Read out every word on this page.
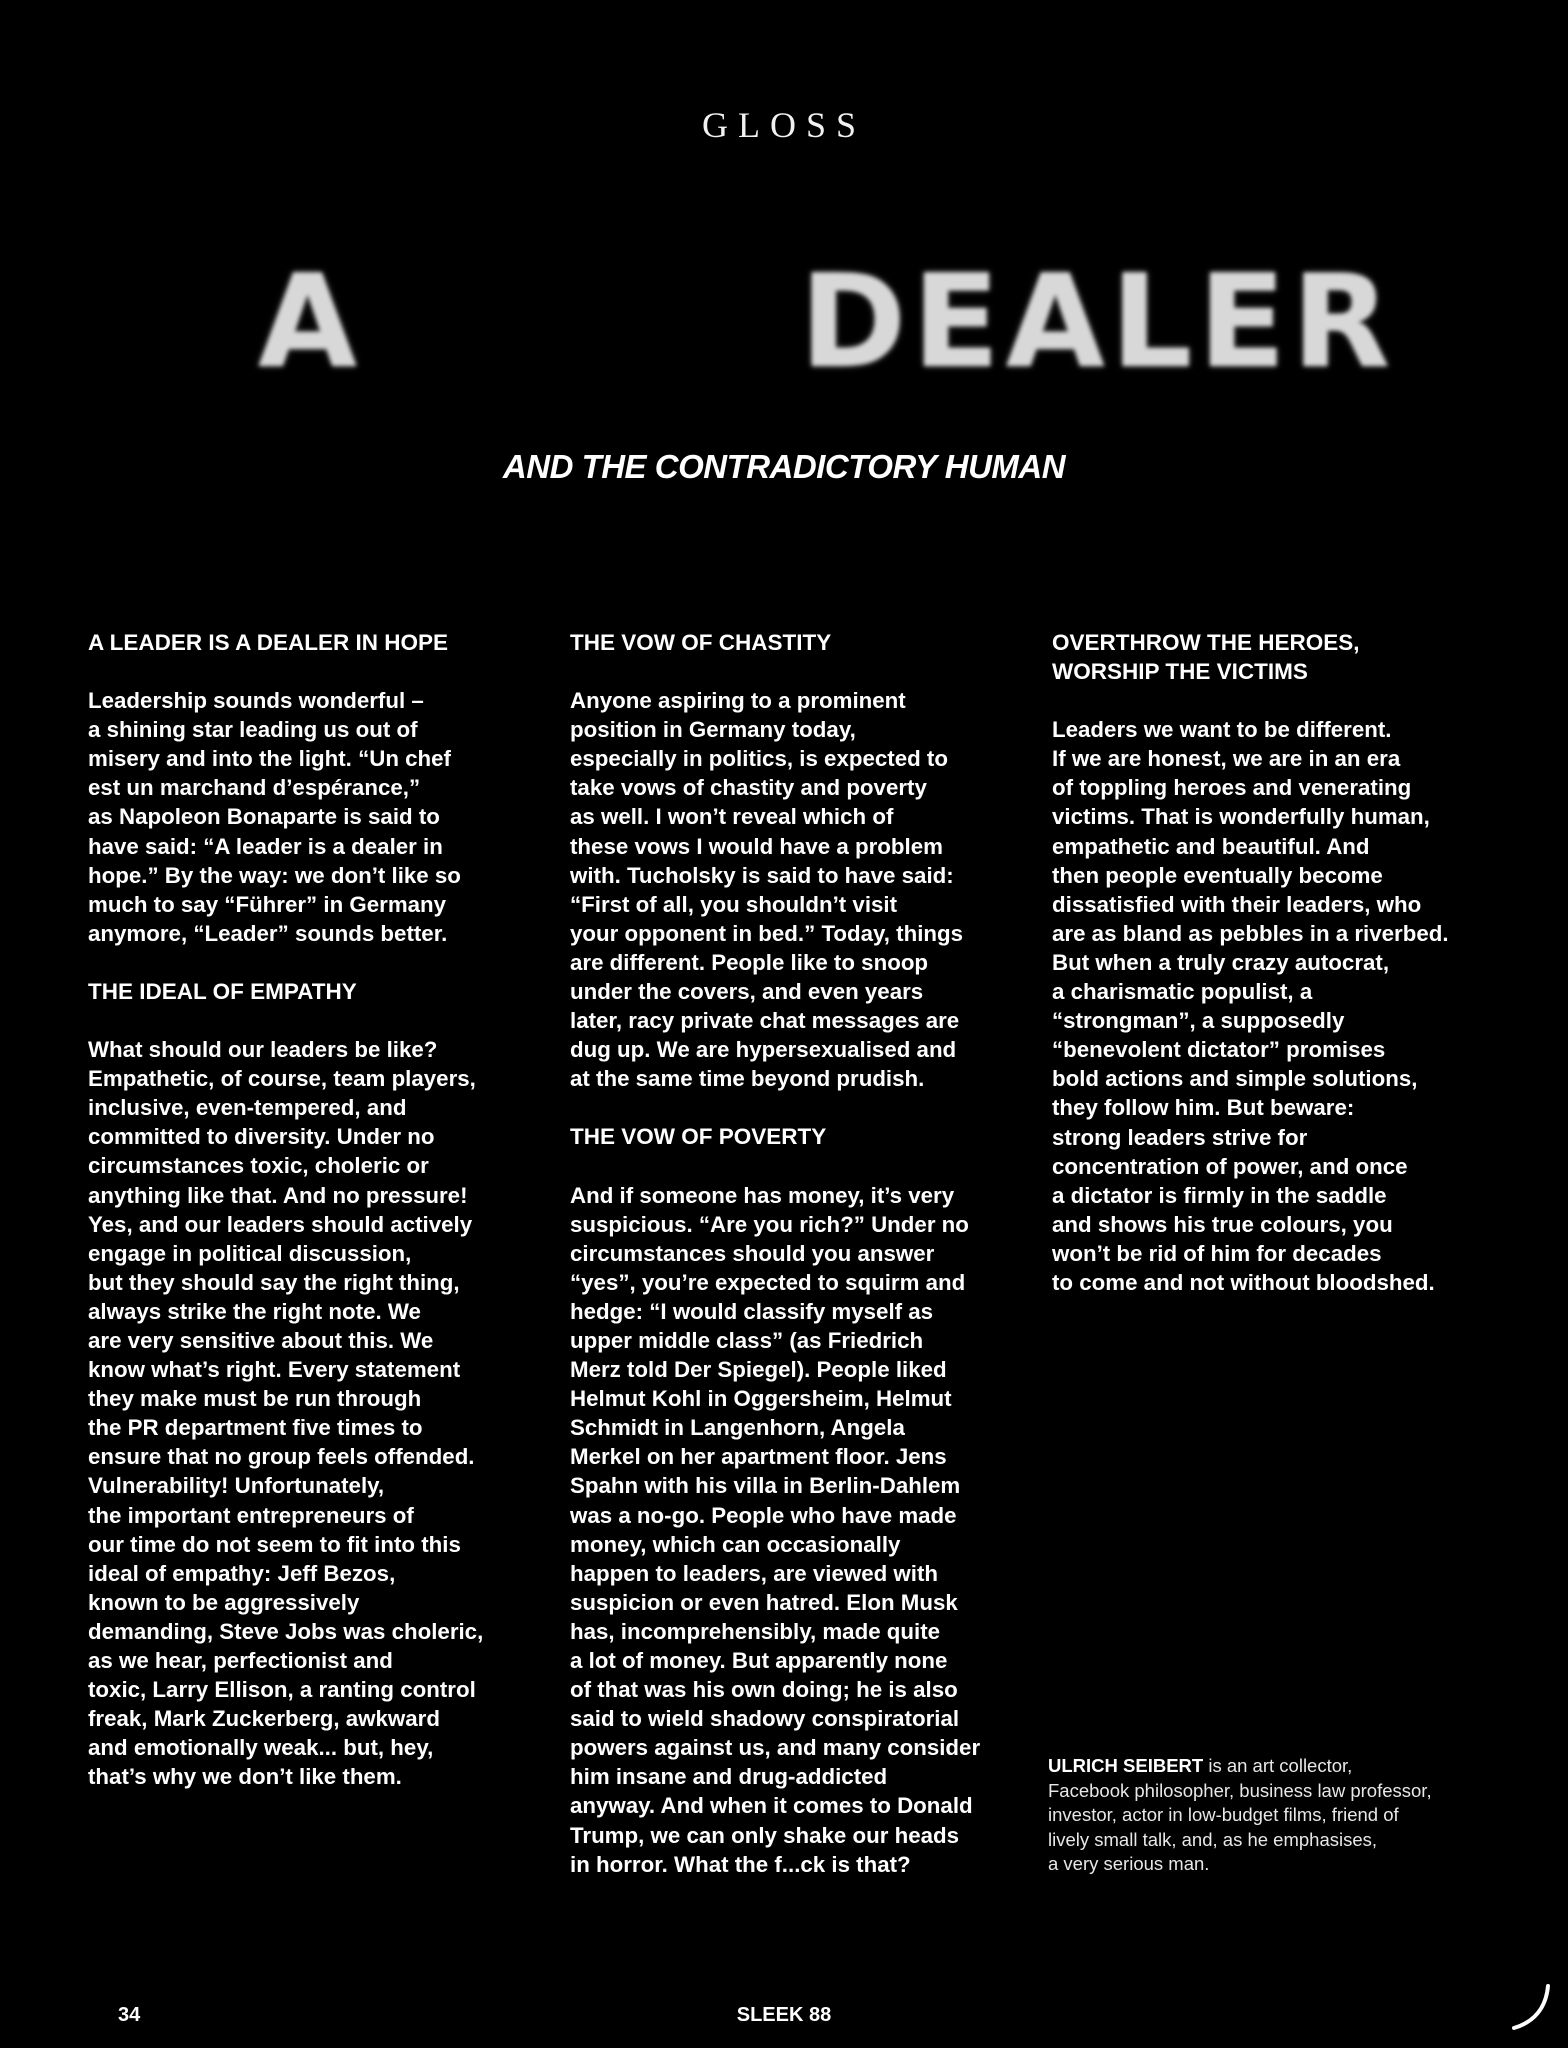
GLOSS
A	DEALER
AND THE CONTRADICTORY HUMAN

A LEADER IS A DEALER IN HOPE

Leadership sounds wonderful –

a shining star leading us out of

misery and into the light. “Un chef

est un marchand d’espérance,”

as Napoleon Bonaparte is said to

have said: “A leader is a dealer in

hope.” By the way: we don’t like so

much to say “Führer” in Germany

anymore, “Leader” sounds better.

THE IDEAL OF EMPATHY

What should our leaders be like?

Empathetic, of course, team players,

inclusive, even-tempered, and

committed to diversity. Under no

circumstances toxic, choleric or

anything like that. And no pressure!

Yes, and our leaders should actively

engage in political discussion,

but they should say the right thing,

always strike the right note. We

are very sensitive about this. We

know what’s right. Every statement

they make must be run through

the PR department five times to

ensure that no group feels offended.

Vulnerability! Unfortunately,

the important entrepreneurs of

our time do not seem to fit into this

ideal of empathy: Jeff Bezos,

known to be aggressively

demanding, Steve Jobs was choleric,

as we hear, perfectionist and

toxic, Larry Ellison, a ranting control

freak, Mark Zuckerberg, awkward

and emotionally weak... but, hey,

that’s why we don’t like them.

THE VOW OF CHASTITY

Anyone aspiring to a prominent

position in Germany today,

especially in politics, is expected to

take vows of chastity and poverty

as well. I won’t reveal which of

these vows I would have a problem

with. Tucholsky is said to have said:

“First of all, you shouldn’t visit

your opponent in bed.” Today, things

are different. People like to snoop

under the covers, and even years

later, racy private chat messages are

dug up. We are hypersexualised and

at the same time beyond prudish.

THE VOW OF POVERTY

And if someone has money, it’s very

suspicious. “Are you rich?” Under no

circumstances should you answer

“yes”, you’re expected to squirm and

hedge: “I would classify myself as

upper middle class” (as Friedrich

Merz told Der Spiegel). People liked

Helmut Kohl in Oggersheim, Helmut

Schmidt in Langenhorn, Angela

Merkel on her apartment floor. Jens

Spahn with his villa in Berlin-Dahlem

was a no-go. People who have made

money, which can occasionally

happen to leaders, are viewed with

suspicion or even hatred. Elon Musk

has, incomprehensibly, made quite

a lot of money. But apparently none

of that was his own doing; he is also

said to wield shadowy conspiratorial

powers against us, and many consider

him insane and drug-addicted

anyway. And when it comes to Donald

Trump, we can only shake our heads

in horror. What the f...ck is that?

OVERTHROW THE HEROES,

WORSHIP THE VICTIMS

Leaders we want to be different.

If we are honest, we are in an era

of toppling heroes and venerating

victims. That is wonderfully human,

empathetic and beautiful. And

then people eventually become

dissatisfied with their leaders, who

are as bland as pebbles in a riverbed.

But when a truly crazy autocrat,

a charismatic populist, a

“strongman”, a supposedly

“benevolent dictator” promises

bold actions and simple solutions,

they follow him. But beware:

strong leaders strive for

concentration of power, and once

a dictator is firmly in the saddle

and shows his true colours, you

won’t be rid of him for decades

to come and not without bloodshed.

ULRICH SEIBERT is an art collector,
Facebook philosopher, business law professor,
investor, actor in low-budget films, friend of
lively small talk, and, as he emphasises,
a very serious man.
34	SLEEK 88
